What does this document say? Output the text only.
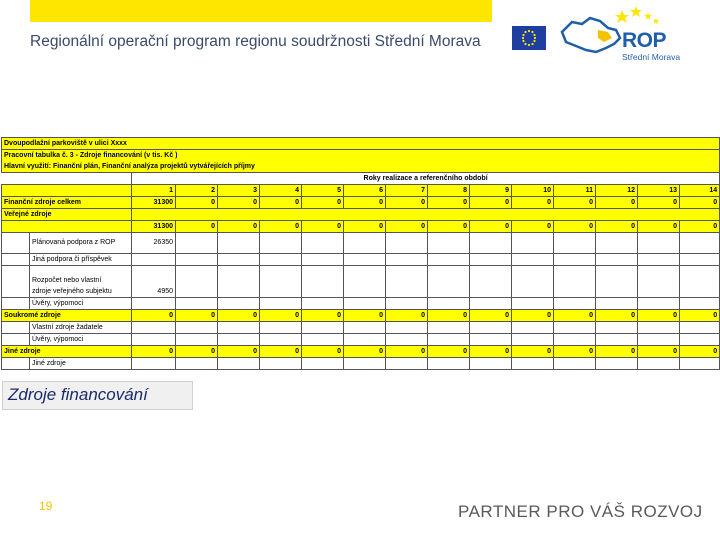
Regionální operační program regionu soudržnosti Střední Morava	ROP
Střední Morava
Dvoupodlažní parkoviště v ulici Xxxx															
Pracovní tabulka č. 3 - Zdroje financování (v tis. Kč )															
Hlavní využití: Finanční plán, Finanční analýza projektů vytvářejících příjmy															
		Roky realizace a referenčního období													
		1	2	3	4	5	6	7	8	9	10	11	12	13	14
Finanční zdroje celkem		31300	0	0	0	0	0	0	0	0	0	0	0	0	0
Veřejné zdroje															
		31300	0	0	0	0	0	0	0	0	0	0	0	0	0
	Plánovaná podpora z ROP	26350													
	Jiná podpora či příspěvek														
	Rozpočet nebo vlastní														
	zdroje veřejného subjektu	4950													
	Úvěry, výpomoci														
Soukromé zdroje		0	0	0	0	0	0	0	0	0	0	0	0	0	0
	Vlastní zdroje žadatele														
	Úvěry, výpomoci														
Jiné zdroje		0	0	0	0	0	0	0	0	0	0	0	0	0	0
	Jiné zdroje														
Zdroje financování
19	PARTNER PRO VÁŠ ROZVOJ
